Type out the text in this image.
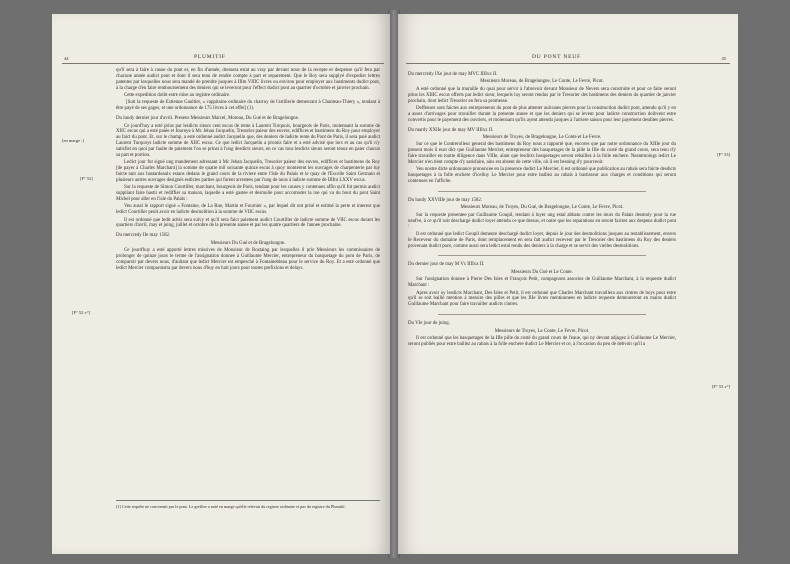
44	PLUMITIF
[en marge :]
[F° 52]
[F° 52 v°]

qu'il sera à faire à cause du pont et, en fin d'année, dressera estat au vray par devant nous de la recepte et despense qu'il fera par chacune année audict pont et dont il sera tenu de rendre compte à part et separement. Que le Roy sera supplyé d'expedier lettres patentes par lesquelles nous sera mandé de prendre jusques à IIIm VIIIC livres ou environ pour employer aux bastiments dudict pont, à la charge d'en faire remboursement des deniers qui se leveront pour l'effect dudict pont au quartier d'octobre et janvier prochain.

Cette expedition doibt estre mise au registre ordinaire.

[Suit la requeste de Estienne Gaultier, « cappitaine ordinaire du charroy de l'artillerie demeurant à Chanteau-Thiery », tendant à être payé de ses gages, et une ordonnance de 175 livres à cet effet] (1).

Du lundy dernier jour d'avril. Presens Messieurs Marcel, Moreau, Du Gué et de Bragelongne.

Ce jourd'huy a esté prins par lesdicts sieurs cent escus de rente à Laurent Turquois, bourgeois de Paris, moiennant la somme de XIIC escus qui a esté paiée et fournye à Mc Jehan Jacquelin, Tresorier paieur des euvres, ediffices et bastimens du Roy pour employer au faict du pont. Et, sur le champ, a esté ordonné audict Jacquelin que, des deniers de ladicte rente du Pont de Paris, il sera paié audict Laurent Turquoys ladicte somme de XIIC escus. Ce que ledict Jacquelin a promis faire et a esté advisé que lors et au cas qu'il n'y satisfist en quoi par faulte de paiement l'on se prinst à l'ung desdicts sieurs, en ce cas tous lesdicts sieurs seront tenuz en paier chacun sa part et portion.

Ledict jour fut signé ung mandement adressant à Mc Jehan Jacquelin, Tresorier paieur des euvres, ediffices et bastimens du Roy [de payer à Charles Marchant] la somme de quatre mil soixante quinze escus à quoy monterent les ouvrages de charpenterie par luy faicte tant aux bastardeaulx estans dedans le grand cours de la riviere entre l'Isle du Palais et le quay de l'Escolle Saint Germain et plusieurs autres ouvrages designés esdictes parties qui furent arrestees par l'ung de nous à ladicte somme de IIIIm LXXV escus.

Sur la requeste de Simon Courtiller, marchant, bourgeois de Paris, tendant pour les causes y contenues affin qu'il fut permis audict suppliant faire bastir et rediffier sa maison, laquelle a esté gastee et desmolie pour accomoder la rue qui va du bout du pont Saint Michel pour aller en l'isle du Palais :

Veu aussi le rapport signé « Fontaine, de La Rue, Martin et Fournier », par lequel dit ont prisé et estimé la perte et interest que ledict Courtiller peult avoir en ladicte desmolition à la somme de VIIC escus.

Il est ordonné que ledit advis sera suivy et qu'il sera faict paiement audict Courtiller de ladicte somme de VIIC escus durant les quartiers d'avril, may et juing, juillet et octobre de la presente annee et par les quatre quartiers de l'annee prochaine.

Du mercredy IIe may 1582.

Messieurs Du Gué et de Bragelongne.

Ce jourd'huy a esté apporté lettres missives de Monsieur de Rostaing par lesquelles il prie Messieurs les commissaires de prolonger de quinze jours le terme de l'assignation donnee à Guillaume Mercier, entrepreneur du basquetage du pont de Paris, de comparoir par devers nous, d'aultant que ledict Mercier est empesché à Fontainebleau pour le service du Roy. Et a esté ordonné que ledict Mercier comparoistra par devers nous d'huy en huit jours pour toutes prefixions et delays.

(1) Cette requête ne concernait pas le pont. Le greffier a noté en marge qu'elle relevait du registre ordinaire et pas du registre du Plumitif.
45
DU PONT NEUF
[F° 53]
[F° 53 v°]

Du mercredy IXe jour de may MVC IIIIxx II.

Messieurs Moreau, de Bragelongne, Le Conte, Le Fevre, Picot.

A esté ordonné que la muraille du quai pour servir à l'abrevoir devant Monsieur de Nevers sera construite et pour ce faire seront prins les XIIIC escus offerts par ledict sieur, lesquels luy seront rendus par le Tresorier des bastimens des deniers du quartier de janvier prochain, dont ledict Tresorier en fera sa promesse.

Deffenses sont faictes aux entrepreneurs du pont de plus attenter aulcunes pierres pour la construction dudict pont, attendu qu'il y en a assez d'arrivages pour travailler durant la presente annee et que les deniers qui se levent pour ladicte construction doibvent estre convertis pour le payement des ouvriers, et moiennant qu'ils ayent attendu jusques à l'arriere saison pour leur payement desdites pierres.

Du mardy XXIIe jour de may MV IIIIxx II.

Messieurs de Troyes, de Bragelongne, Le Conte et Le Fevre.

Sur ce que le Contrerolleur general des bastimens du Roy nous a rapporté que, encores que par notre ordonnance du XIIIe jour du present mois il eust dict que Guillaume Mercier, entrepreneur des basquetages de la pille la IIIe du costé du grand cours, sera tenu d'y faire travailler en toutte diligence dans VIIIe, aïant que lesdicts basquetages seront rebaillez à la folle enchere. Neantmoings ledict Le Mercier n'en tient compte d'y satisfaire, ains est absent de cette ville, où il est besoing d'y pourveoir.

Veu nostre dicte ordonnance prononcee en la presence dudict Le Mercier, il est ordonné que publication au rabais sera faicte desdicts basquetages à la folle enchere d'icelluy Le Mercier pour estre baillez au rabais à bastisseur aux charges et conditions qui seront contenues en l'affiche.

Du lundy XXVIIIe jour de may 1582.

Messieurs Moreau, de Troyes, Du Gué, de Bragelongne, Le Conte, Le Fevre, Picot.

Sur la requeste presentee par Guillaume Goupil, tendant à luyer ung estal abbatu contre les murs du Palais desmoly pour la rue neufve, à ce qu'il soit deschargé dudict loyer attendu ce que dessus, et outre que les reparations en seront faictes aux despens dudict pont :

Il est ordonné que ledict Goupil demeure deschargé dudict loyer, depuis le jour des desmolitions jusques au restablissement, envers le Receveur du domaine de Paris, dont remplacement en sera fait audict receveur par le Tresorier des bastimens du Roy des deniers provenant dudict pont, comme aussi sera ledict estal rendu des deniers à la charge et se servir des vielles desmolitions.

Du dernier jour de may M Vc IIIIxx II.

Messieurs Du Gué et Le Conte.

Sur l'assignation donnee à Pierre Des Isles et François Petit, compagnons associez de Guillaume Marchant, à la requeste dudict Marchant :

Apres avoir oy lesdicts Marchant, Des Isles et Petit, il est ordonné que Charles Marchant travaillera aux cintres de boys pour estre qu'il se soit baillé mention à messire des pilles et que les IIIe livres mentionnees en ladicte requeste demeureront en mains dudict Guillaume Marchant pour faire travailler audicts cintres.

Du VIe jour de juing.

Messieurs de Troyes, Le Conte, Le Fevre, Picot.

Il est ordonné que les basquetages de la IIIe pille du costé du grand cours de l'eaue, qui ny devant adjugez à Guillaume Le Mercier, seront publiés pour estre baillez au rabais à la folle enchere dudict Le Mercier et ce, à l'occasion du peu de debvoir qu'il a
